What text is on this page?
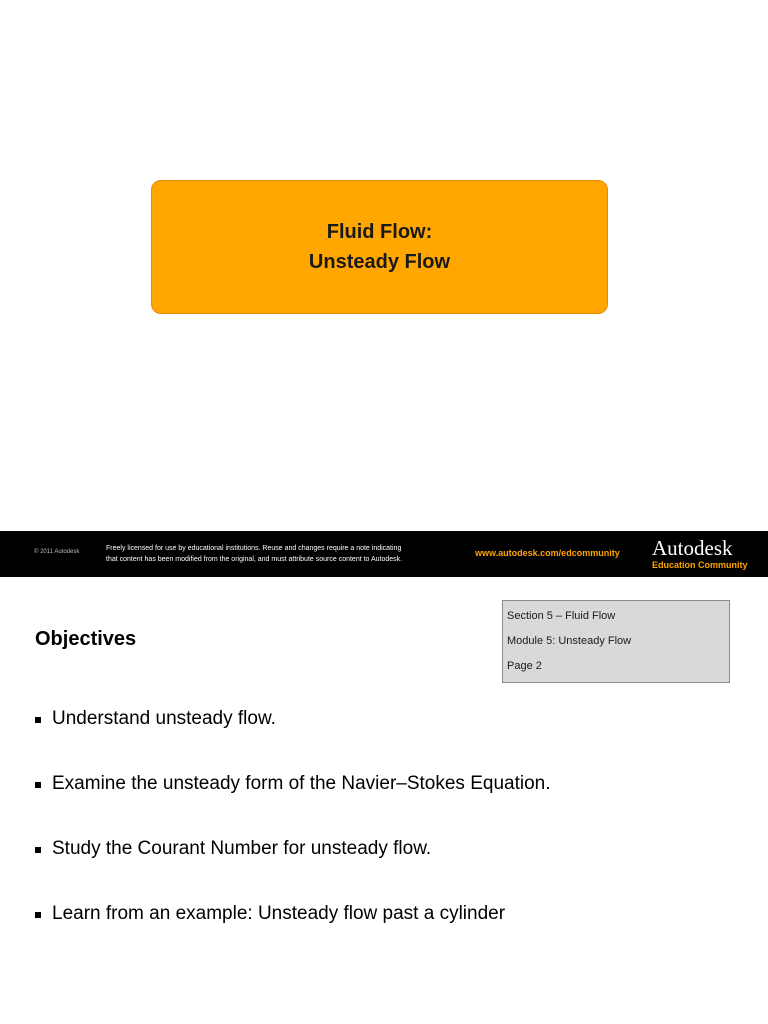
Fluid Flow:
Unsteady Flow
© 2011 Autodesk	Freely licensed for use by educational institutions. Reuse and changes require a note indicating
that content has been modified from the original, and must attribute source content to Autodesk.
www.autodesk.com/edcommunity Autodesk
Education Community
Section 5 – Fluid Flow
Module 5: Unsteady Flow
Page 2
Objectives
Understand unsteady flow.
Examine the unsteady form of the Navier–Stokes Equation.
Study the Courant Number for unsteady flow.
Learn from an example: Unsteady flow past a cylinder
